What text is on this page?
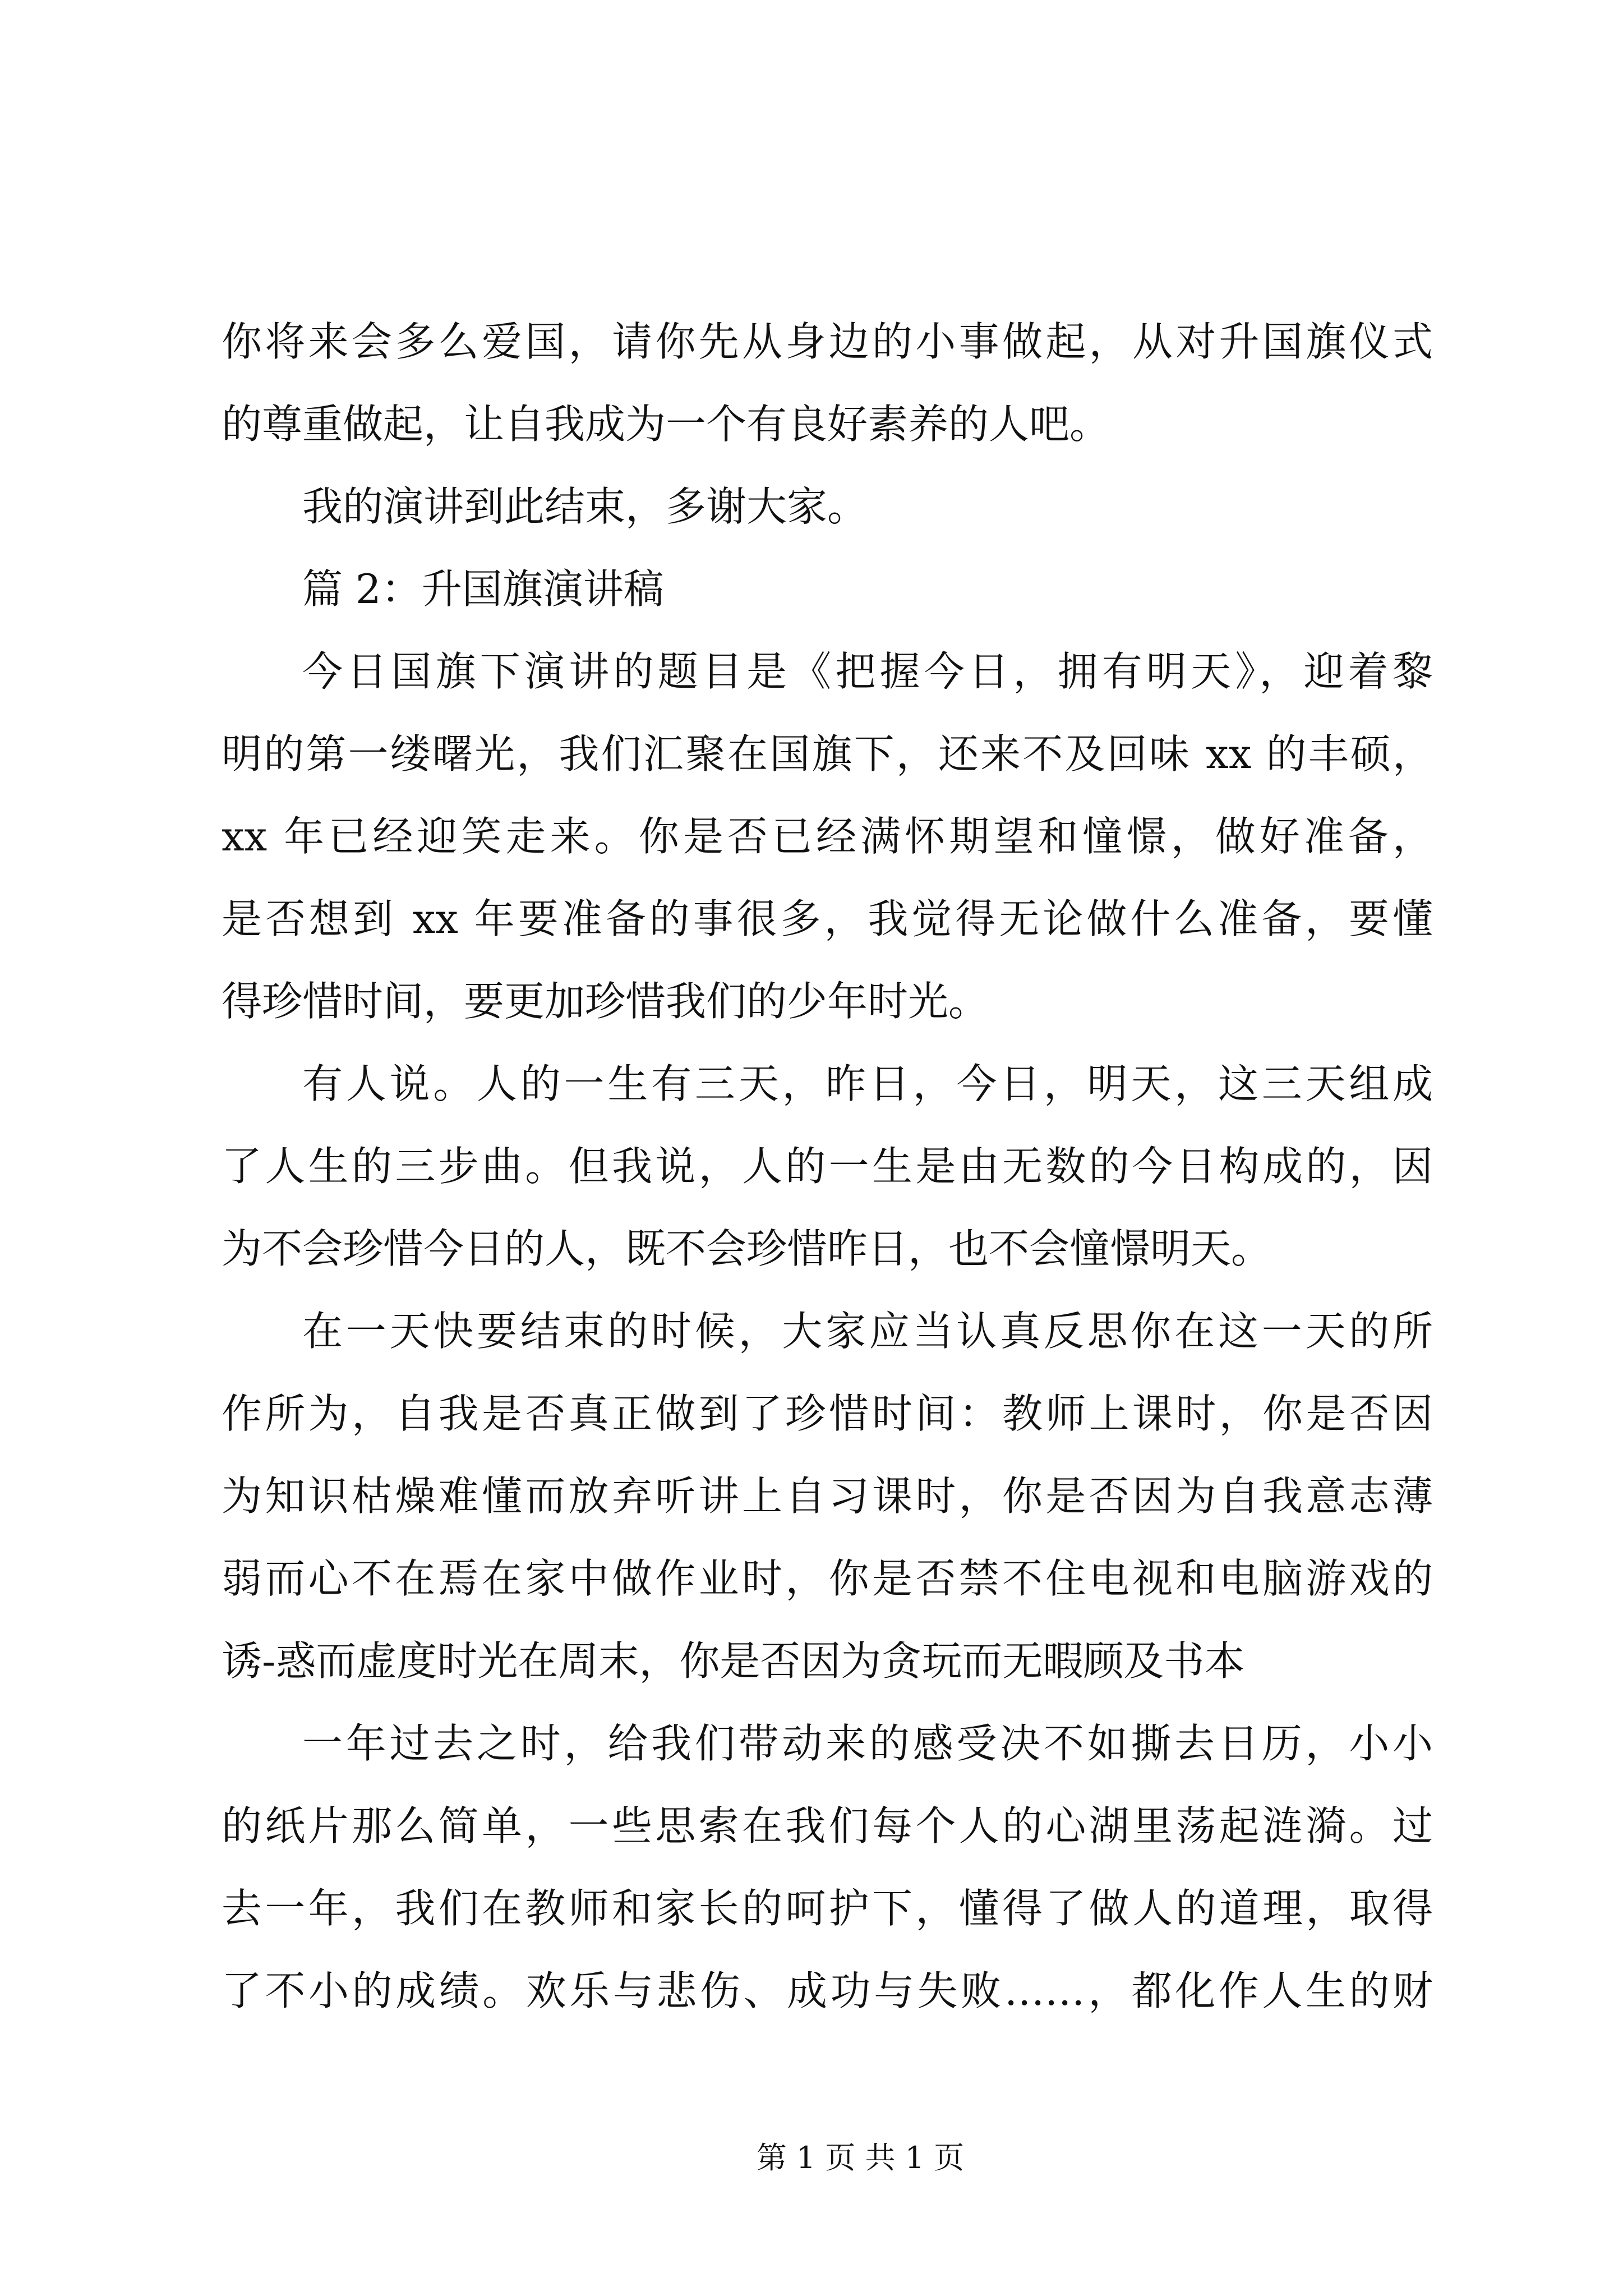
你将来会多么爱国，请你先从身边的小事做起，从对升国旗仪式
的尊重做起，让自我成为一个有良好素养的人吧。
我的演讲到此结束，多谢大家。
篇 2：升国旗演讲稿
今日国旗下演讲的题目是《把握今日，拥有明天》，迎着黎
明的第一缕曙光，我们汇聚在国旗下，还来不及回味 xx 的丰硕，
xx 年已经迎笑走来。你是否已经满怀期望和憧憬，做好准备，
是否想到 xx 年要准备的事很多，我觉得无论做什么准备，要懂
得珍惜时间，要更加珍惜我们的少年时光。
有人说。人的一生有三天，昨日，今日，明天，这三天组成
了人生的三步曲。但我说，人的一生是由无数的今日构成的，因
为不会珍惜今日的人，既不会珍惜昨日，也不会憧憬明天。
在一天快要结束的时候，大家应当认真反思你在这一天的所
作所为，自我是否真正做到了珍惜时间：教师上课时，你是否因
为知识枯燥难懂而放弃听讲上自习课时，你是否因为自我意志薄
弱而心不在焉在家中做作业时，你是否禁不住电视和电脑游戏的
诱-惑而虚度时光在周末，你是否因为贪玩而无暇顾及书本
一年过去之时，给我们带动来的感受决不如撕去日历，小小
的纸片那么简单，一些思索在我们每个人的心湖里荡起涟漪。过
去一年，我们在教师和家长的呵护下，懂得了做人的道理，取得
了不小的成绩。欢乐与悲伤、成功与失败……，都化作人生的财
第 1 页 共 1 页
